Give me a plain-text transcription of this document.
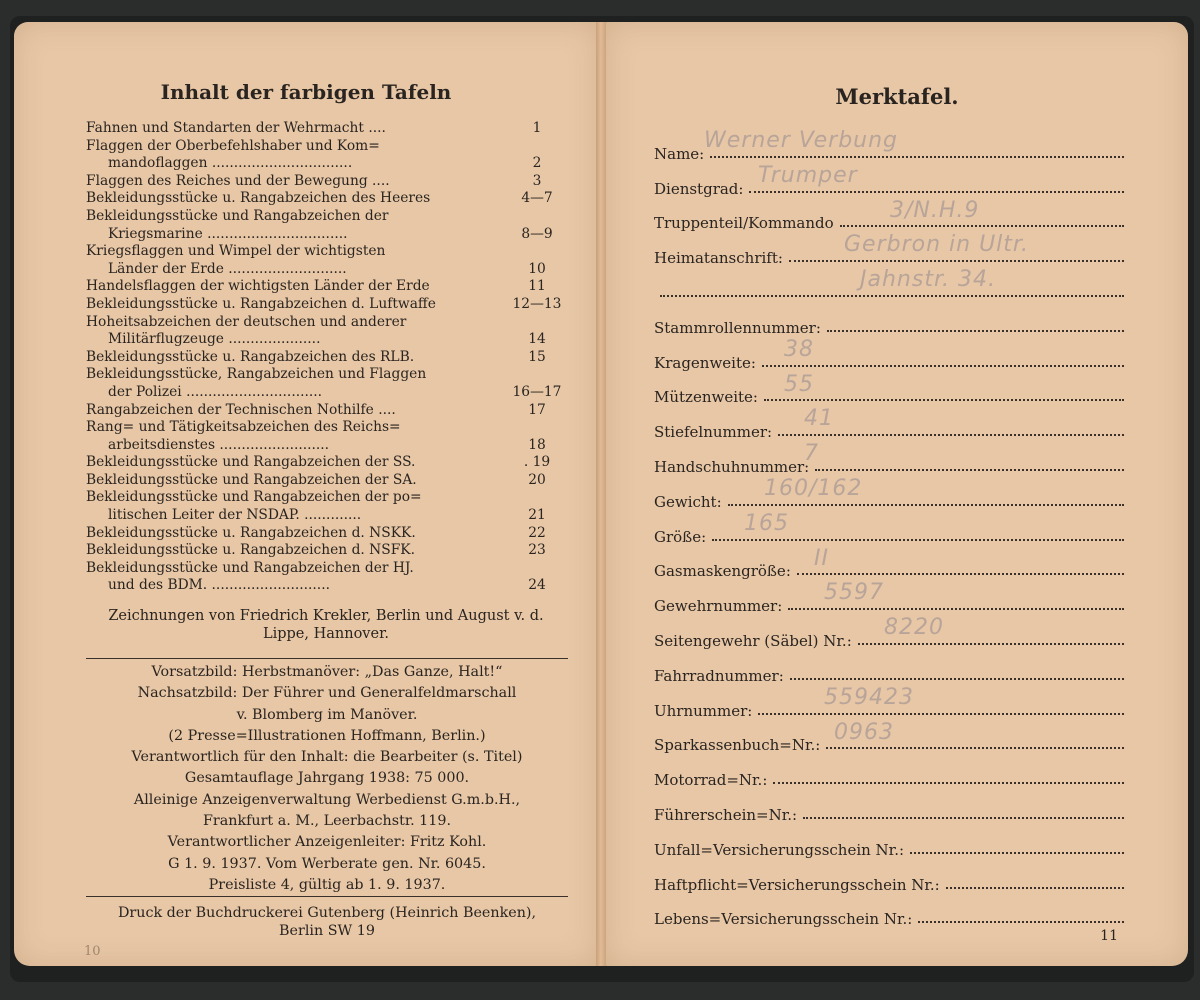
Inhalt der farbigen Tafeln
Fahnen und Standarten der Wehrmacht ....	1
Flaggen der Oberbefehlshaber und Kom=
mandoflaggen ................................	2
Flaggen des Reiches und der Bewegung ....	3
Bekleidungsstücke u. Rangabzeichen des Heeres	4—7
Bekleidungsstücke und Rangabzeichen der
Kriegsmarine ................................	8—9
Kriegsflaggen und Wimpel der wichtigsten
Länder der Erde ...........................	10
Handelsflaggen der wichtigsten Länder der Erde	11
Bekleidungsstücke u. Rangabzeichen d. Luftwaffe	12—13
Hoheitsabzeichen der deutschen und anderer
Militärflugzeuge .....................	14
Bekleidungsstücke u. Rangabzeichen des RLB.	15
Bekleidungsstücke, Rangabzeichen und Flaggen
der Polizei ...............................	16—17
Rangabzeichen der Technischen Nothilfe ....	17
Rang= und Tätigkeitsabzeichen des Reichs=
arbeitsdienstes .........................	18
Bekleidungsstücke und Rangabzeichen der SS.	. 19
Bekleidungsstücke und Rangabzeichen der SA.	20
Bekleidungsstücke und Rangabzeichen der po=
litischen Leiter der NSDAP. .............	21
Bekleidungsstücke u. Rangabzeichen d. NSKK.	22
Bekleidungsstücke u. Rangabzeichen d. NSFK.	23
Bekleidungsstücke und Rangabzeichen der HJ.
und des BDM. ...........................	24
Zeichnungen von Friedrich Krekler, Berlin und August v. d. Lippe, Hannover.
Vorsatzbild: Herbstmanöver: „Das Ganze, Halt!“
Nachsatzbild: Der Führer und Generalfeldmarschall
v. Blomberg im Manöver.
(2 Presse=Illustrationen Hoffmann, Berlin.)
Verantwortlich für den Inhalt: die Bearbeiter (s. Titel)
Gesamtauflage Jahrgang 1938: 75 000.
Alleinige Anzeigenverwaltung Werbedienst G.m.b.H.,
Frankfurt a. M., Leerbachstr. 119.
Verantwortlicher Anzeigenleiter: Fritz Kohl.
G 1. 9. 1937. Vom Werberate gen. Nr. 6045.
Preisliste 4, gültig ab 1. 9. 1937.
Druck der Buchdruckerei Gutenberg (Heinrich Beenken),
Berlin SW 19
10
Merktafel.
Name:
Werner Verbung
Dienstgrad:
Trumper
Truppenteil/Kommando
3/N.H.9
Heimatanschrift:
Gerbron in Ultr.
Jahnstr. 34.
Stammrollennummer:
Kragenweite:
38
Mützenweite:
55
Stiefelnummer:
41
Handschuhnummer:
7
Gewicht:
160/162
Größe:
165
Gasmaskengröße:
II
Gewehrnummer:
5597
Seitengewehr (Säbel) Nr.:
8220
Fahrradnummer:
Uhrnummer:
559423
Sparkassenbuch=Nr.:
0963
Motorrad=Nr.:
Führerschein=Nr.:
Unfall=Versicherungsschein Nr.:
Haftpflicht=Versicherungsschein Nr.:
Lebens=Versicherungsschein Nr.:
11
